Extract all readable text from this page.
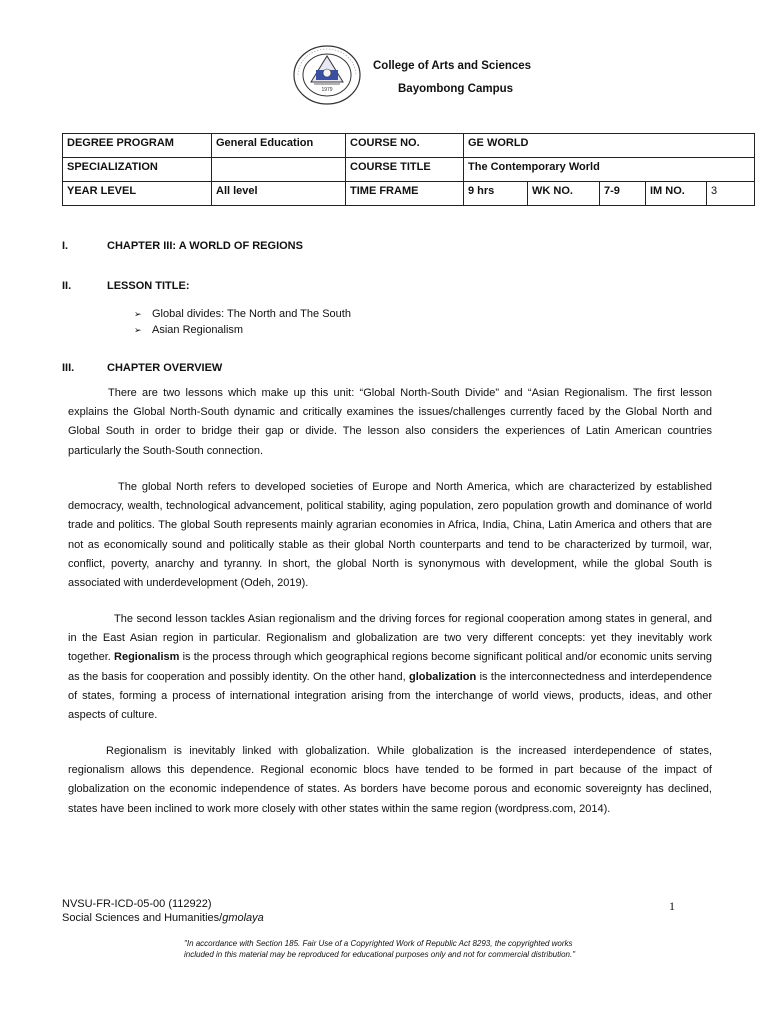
1979
College of Arts and Sciences
Bayombong Campus
DEGREE PROGRAM	General Education	COURSE NO.	GE WORLD				
SPECIALIZATION		COURSE TITLE	The Contemporary World				
YEAR LEVEL	All level	TIME FRAME	9 hrs	WK NO.	7-9	IM NO.	3
I.	CHAPTER III: A WORLD OF REGIONS
II.	LESSON TITLE:
➢ Global divides: The North and The South
➢ Asian Regionalism
III.	CHAPTER OVERVIEW

There are two lessons which make up this unit: “Global North-South Divide” and “Asian Regionalism. The first lesson explains the Global North-South dynamic and critically examines the issues/challenges currently faced by the Global North and Global South in order to bridge their gap or divide. The lesson also considers the experiences of Latin American countries particularly the South-South connection.

The global North refers to developed societies of Europe and North America, which are characterized by established democracy, wealth, technological advancement, political stability, aging population, zero population growth and dominance of world trade and politics. The global South represents mainly agrarian economies in Africa, India, China, Latin America and others that are not as economically sound and politically stable as their global North counterparts and tend to be characterized by turmoil, war, conflict, poverty, anarchy and tyranny. In short, the global North is synonymous with development, while the global South is associated with underdevelopment (Odeh, 2019).

The second lesson tackles Asian regionalism and the driving forces for regional cooperation among states in general, and in the East Asian region in particular. Regionalism and globalization are two very different concepts: yet they inevitably work together. Regionalism is the process through which geographical regions become significant political and/or economic units serving as the basis for cooperation and possibly identity. On the other hand, globalization is the interconnectedness and interdependence of states, forming a process of international integration arising from the interchange of world views, products, ideas, and other aspects of culture.

Regionalism is inevitably linked with globalization. While globalization is the increased interdependence of states, regionalism allows this dependence. Regional economic blocs have tended to be formed in part because of the impact of globalization on the economic independence of states. As borders have become porous and economic sovereignty has declined, states have been inclined to work more closely with other states within the same region (wordpress.com, 2014).

NVSU-FR-ICD-05-00 (112922)
Social Sciences and Humanities/gmolaya
1
"In accordance with Section 185. Fair Use of a Copyrighted Work of Republic Act 8293, the copyrighted works
included in this material may be reproduced for educational purposes only and not for commercial distribution."
